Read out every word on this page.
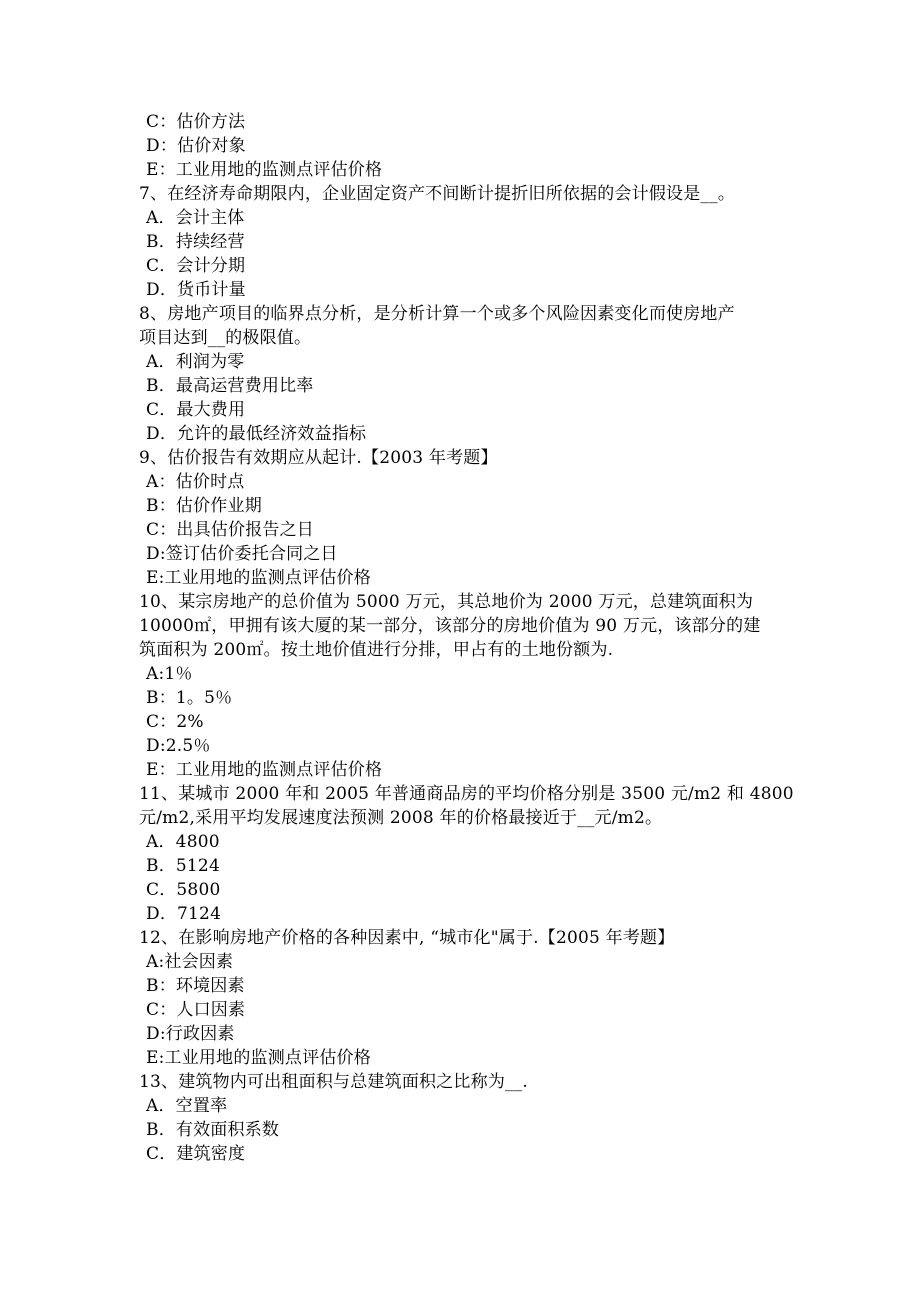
C：估价方法
D：估价对象
E：工业用地的监测点评估价格
7、在经济寿命期限内，企业固定资产不间断计提折旧所依据的会计假设是__。
A．会计主体
B．持续经营
C．会计分期
D．货币计量
8、房地产项目的临界点分析，是分析计算一个或多个风险因素变化而使房地产
项目达到__的极限值。
A．利润为零
B．最高运营费用比率
C．最大费用
D．允许的最低经济效益指标
9、估价报告有效期应从起计.【2003 年考题】
A：估价时点
B：估价作业期
C：出具估价报告之日
D:签订估价委托合同之日
E:工业用地的监测点评估价格
10、某宗房地产的总价值为 5000 万元，其总地价为 2000 万元，总建筑面积为
10000㎡，甲拥有该大厦的某一部分，该部分的房地价值为 90 万元，该部分的建
筑面积为 200㎡。按土地价值进行分排，甲占有的土地份额为.
A:1％
B：1。5％
C：2%
D:2.5％
E：工业用地的监测点评估价格
11、某城市 2000 年和 2005 年普通商品房的平均价格分别是 3500 元/m2 和 4800
元/m2,采用平均发展速度法预测 2008 年的价格最接近于__元/m2。
A．4800
B．5124
C．5800
D．7124
12、在影响房地产价格的各种因素中, “城市化"属于.【2005 年考题】
A:社会因素
B：环境因素
C：人口因素
D:行政因素
E:工业用地的监测点评估价格
13、建筑物内可出租面积与总建筑面积之比称为__.
A．空置率
B．有效面积系数
C．建筑密度
